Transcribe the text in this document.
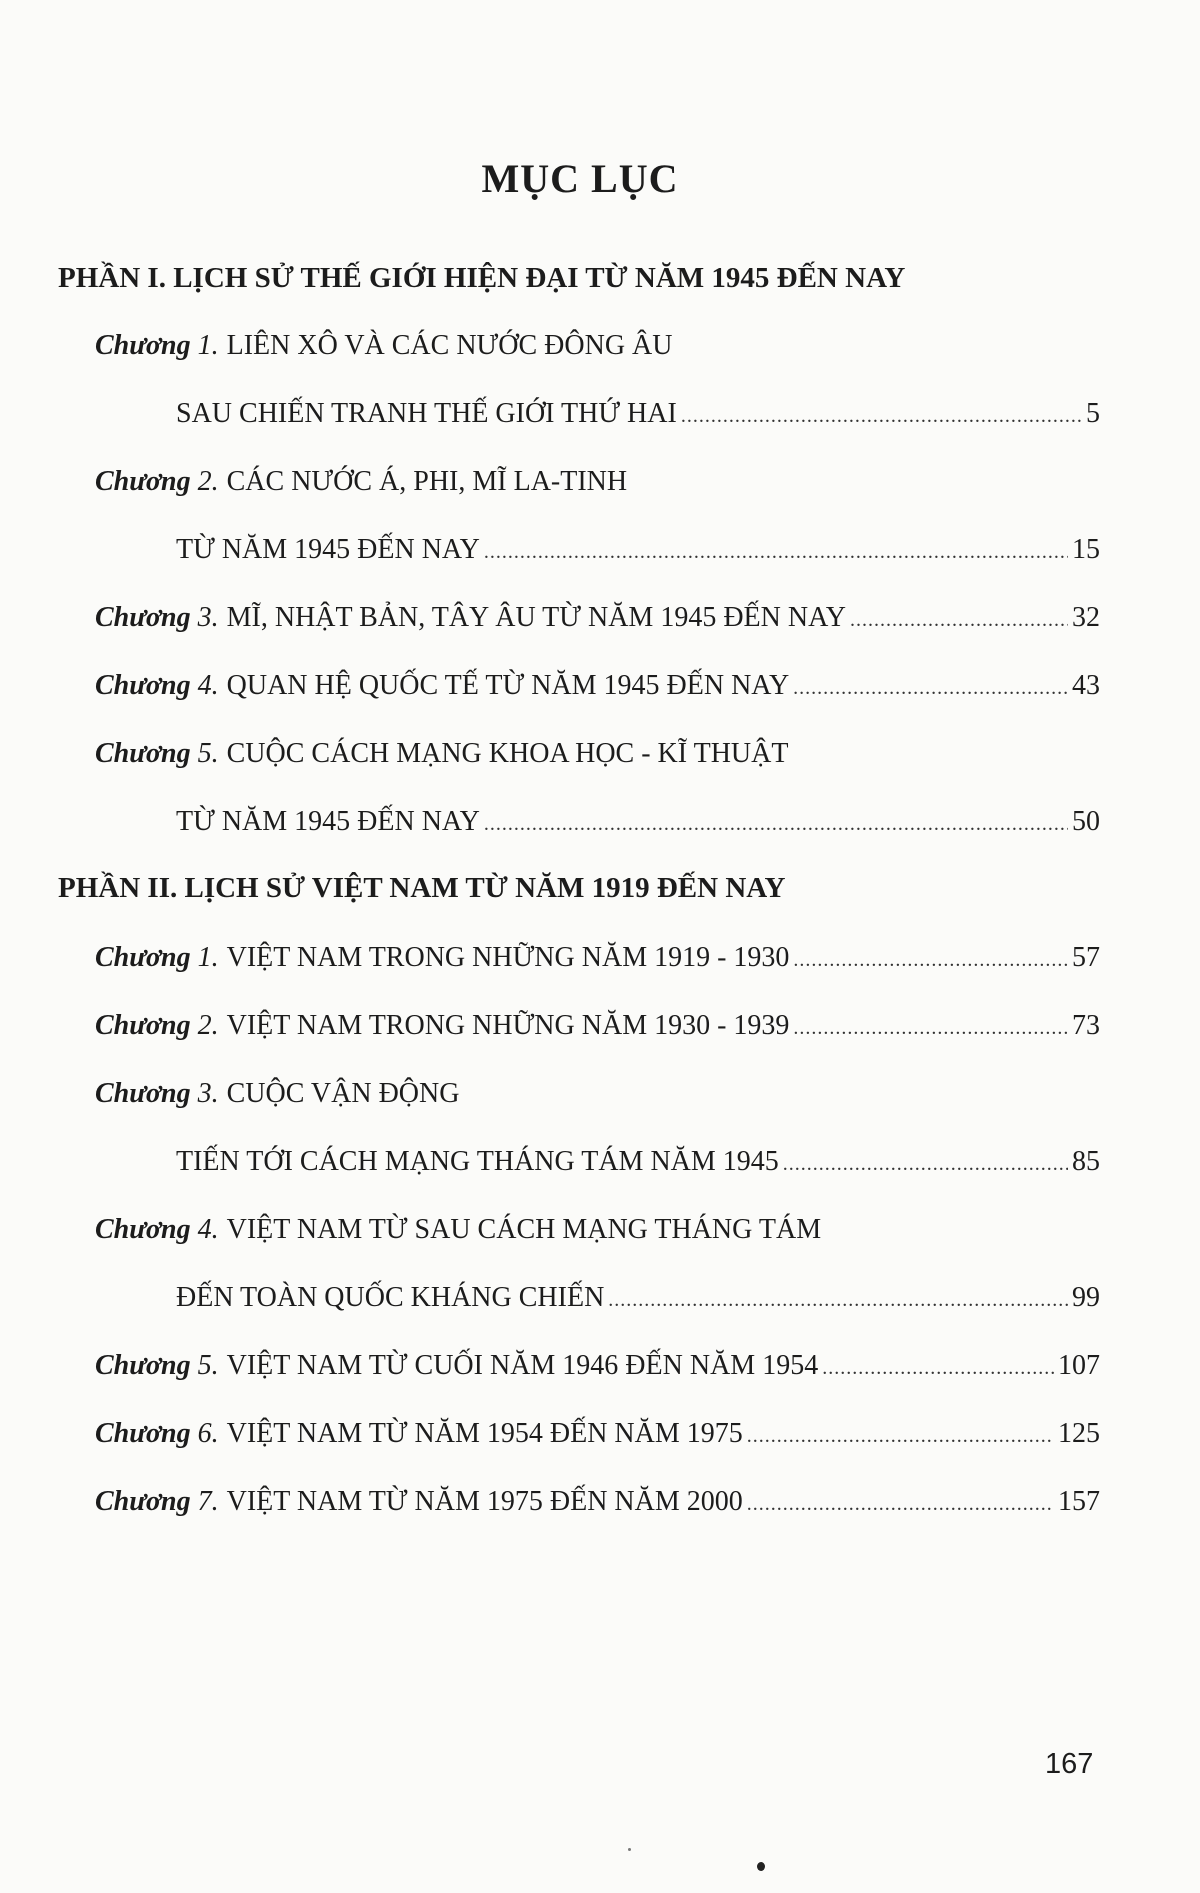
MỤC LỤC
PHẦN I. LỊCH SỬ THẾ GIỚI HIỆN ĐẠI TỪ NĂM 1945 ĐẾN NAY
Chương 1. LIÊN XÔ VÀ CÁC NƯỚC ĐÔNG ÂU
SAU CHIẾN TRANH THẾ GIỚI THỨ HAI .....	5
Chương 2. CÁC NƯỚC Á, PHI, MĨ LA-TINH
TỪ NĂM 1945 ĐẾN NAY .....	15
Chương 3. MĨ, NHẬT BẢN, TÂY ÂU TỪ NĂM 1945 ĐẾN NAY .....	32
Chương 4. QUAN HỆ QUỐC TẾ TỪ NĂM 1945 ĐẾN NAY .....	43
Chương 5. CUỘC CÁCH MẠNG KHOA HỌC - KĨ THUẬT
TỪ NĂM 1945 ĐẾN NAY .....	50
PHẦN II. LỊCH SỬ VIỆT NAM TỪ NĂM 1919 ĐẾN NAY
Chương 1. VIỆT NAM TRONG NHỮNG NĂM 1919 - 1930 .....	57
Chương 2. VIỆT NAM TRONG NHỮNG NĂM 1930 - 1939 .....	73
Chương 3. CUỘC VẬN ĐỘNG
TIẾN TỚI CÁCH MẠNG THÁNG TÁM NĂM 1945 .....	85
Chương 4. VIỆT NAM TỪ SAU CÁCH MẠNG THÁNG TÁM
ĐẾN TOÀN QUỐC KHÁNG CHIẾN .....	99
Chương 5. VIỆT NAM TỪ CUỐI NĂM 1946 ĐẾN NĂM 1954 .....	107
Chương 6. VIỆT NAM TỪ NĂM 1954 ĐẾN NĂM 1975 .....	125
Chương 7. VIỆT NAM TỪ NĂM 1975 ĐẾN NĂM 2000 .....	157
167
